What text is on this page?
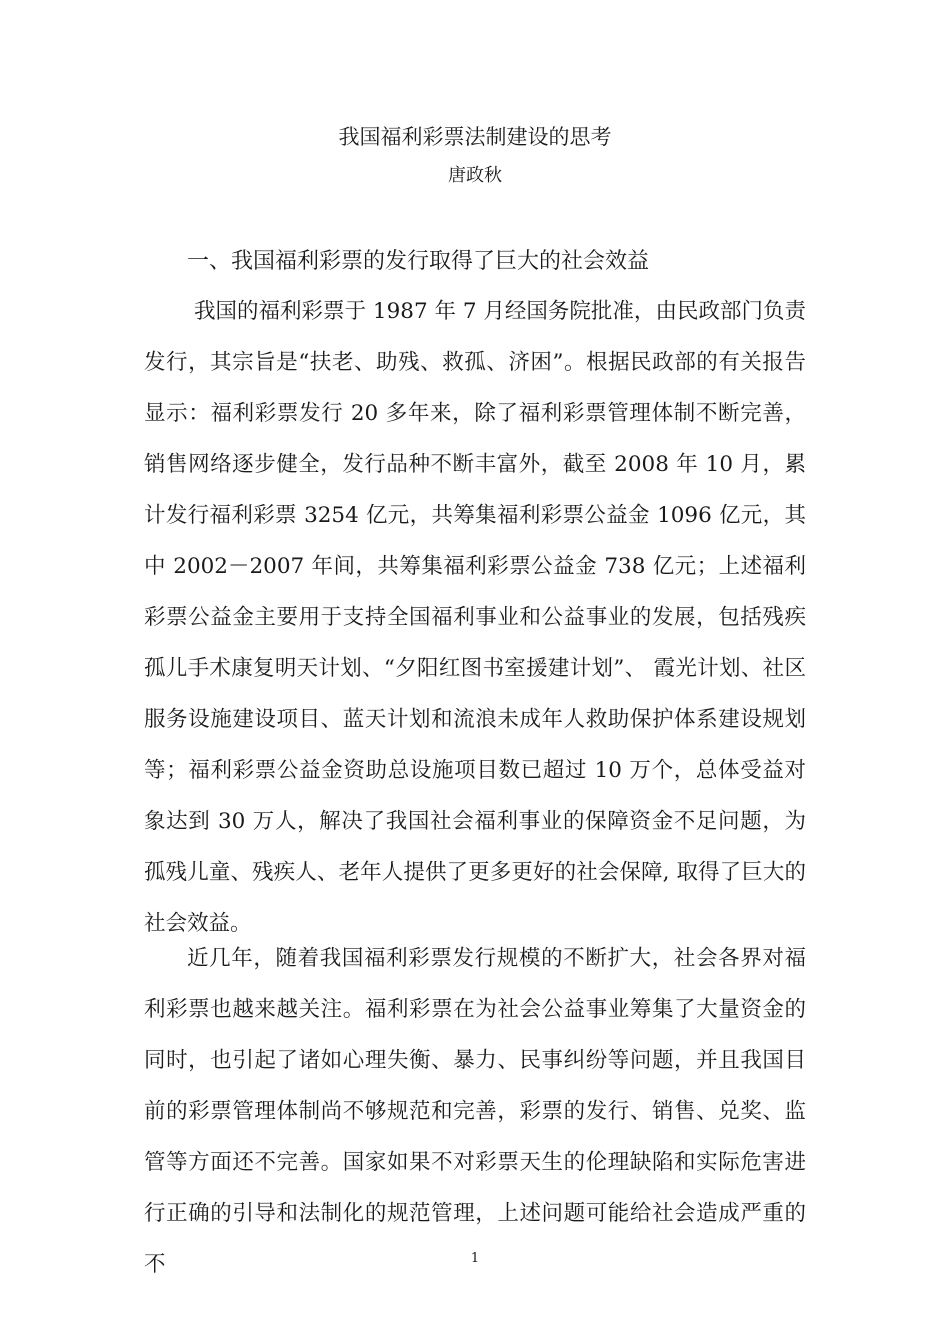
我国福利彩票法制建设的思考

唐政秋

一、我国福利彩票的发行取得了巨大的社会效益

我国的福利彩票于 1987 年 7 月经国务院批准，由民政部门负责发行，其宗旨是“扶老、助残、救孤、济困”。根据民政部的有关报告显示：福利彩票发行 20 多年来，除了福利彩票管理体制不断完善，销售网络逐步健全，发行品种不断丰富外，截至 2008 年 10 月，累计发行福利彩票 3254 亿元，共筹集福利彩票公益金 1096 亿元，其中 2002－2007 年间，共筹集福利彩票公益金 738 亿元；上述福利彩票公益金主要用于支持全国福利事业和公益事业的发展，包括残疾孤儿手术康复明天计划、“夕阳红图书室援建计划”、 霞光计划、社区服务设施建设项目、蓝天计划和流浪未成年人救助保护体系建设规划等；福利彩票公益金资助总设施项目数已超过 10 万个，总体受益对象达到 30 万人，解决了我国社会福利事业的保障资金不足问题，为孤残儿童、残疾人、老年人提供了更多更好的社会保障, 取得了巨大的社会效益。

近几年，随着我国福利彩票发行规模的不断扩大，社会各界对福利彩票也越来越关注。福利彩票在为社会公益事业筹集了大量资金的同时，也引起了诸如心理失衡、暴力、民事纠纷等问题，并且我国目前的彩票管理体制尚不够规范和完善，彩票的发行、销售、兑奖、监管等方面还不完善。国家如果不对彩票天生的伦理缺陷和实际危害进行正确的引导和法制化的规范管理，上述问题可能给社会造成严重的不	1
